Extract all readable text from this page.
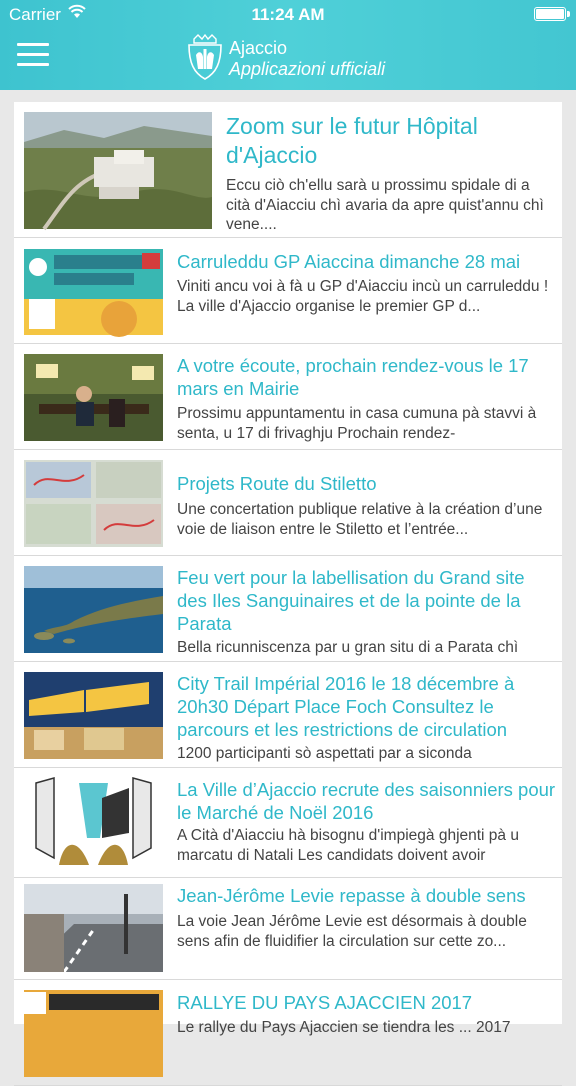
Carrier	11:24 AM
Ajaccio
Applicazioni ufficiali
Zoom sur le futur Hôpital d'Ajaccio
Eccu ciò ch'ellu sarà u prossimu spidale di a cità d'Aiacciu chì avaria da apre quist'annu chì vene....
Carruleddu GP Aiaccina dimanche 28 mai
Viniti ancu voi à fà u GP d'Aiacciu incù un carruleddu ! La ville d'Ajaccio organise le premier GP d...
A votre écoute, prochain rendez-vous le 17 mars en Mairie
Prossimu appuntamentu in casa cumuna pà stavvi à senta, u 17 di frivaghju Prochain rendez-
Projets Route du Stiletto
Une concertation publique relative à la création d’une voie de liaison entre le Stiletto et l’entrée...
Feu vert pour la labellisation du Grand site des Iles Sanguinaires et de la pointe de la Parata
Bella ricunniscenza par u gran situ di a Parata chì
City Trail Impérial 2016 le 18 décembre à 20h30 Départ Place Foch Consultez le parcours et les restrictions de circulation
1200 participanti sò aspettati par a siconda
La Ville d’Ajaccio recrute des saisonniers pour le Marché de Noël 2016
A Cità d'Aiacciu hà bisognu d'impiegà ghjenti pà u marcatu di Natali Les candidats doivent avoir
Jean-Jérôme Levie repasse à double sens
La voie Jean Jérôme Levie est désormais à double sens afin de fluidifier la circulation sur cette zo...
RALLYE DU PAYS AJACCIEN 2017
Le rallye du Pays Ajaccien se tiendra les ... 2017
